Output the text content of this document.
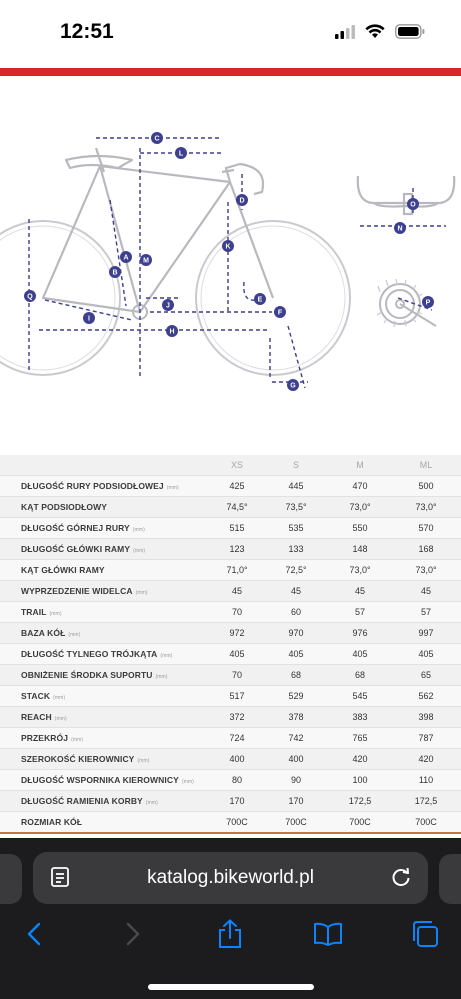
12:51
C
L
D
N
O
A
B
M
K
Q
J
I
H
E
F
G
P
XS	S	M	ML
DŁUGOŚĆ RURY PODSIODŁOWEJ (mm)	425	445	470	500
KĄT PODSIODŁOWY	74,5°	73,5°	73,0°	73,0°
DŁUGOŚĆ GÓRNEJ RURY (mm)	515	535	550	570
DŁUGOŚĆ GŁÓWKI RAMY (mm)	123	133	148	168
KĄT GŁÓWKI RAMY	71,0°	72,5°	73,0°	73,0°
WYPRZEDZENIE WIDELCA (mm)	45	45	45	45
TRAIL (mm)	70	60	57	57
BAZA KÓŁ (mm)	972	970	976	997
DŁUGOŚĆ TYLNEGO TRÓJKĄTA (mm)	405	405	405	405
OBNIŻENIE ŚRODKA SUPORTU (mm)	70	68	68	65
STACK (mm)	517	529	545	562
REACH (mm)	372	378	383	398
PRZEKRÓJ (mm)	724	742	765	787
SZEROKOŚĆ KIEROWNICY (mm)	400	400	420	420
DŁUGOŚĆ WSPORNIKA KIEROWNICY (mm)	80	90	100	110
DŁUGOŚĆ RAMIENIA KORBY (mm)	170	170	172,5	172,5
ROZMIAR KÓŁ	700C	700C	700C	700C
katalog.bikeworld.pl
